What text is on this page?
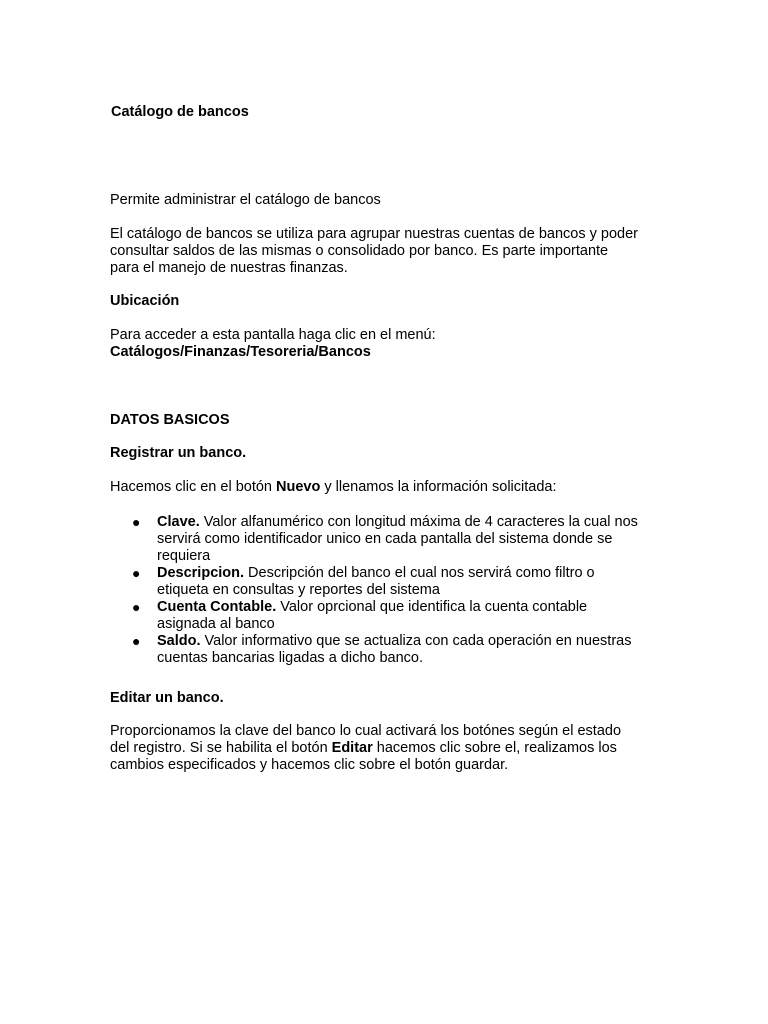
Catálogo de bancos

Permite administrar el catálogo de bancos

El catálogo de bancos se utiliza para agrupar nuestras cuentas de bancos y poder consultar saldos de las mismas o consolidado por banco. Es parte importante para el manejo de nuestras finanzas.

Ubicación

Para acceder a esta pantalla haga clic en el menú:
Catálogos/Finanzas/Tesoreria/Bancos

DATOS BASICOS

Registrar un banco.

Hacemos clic en el botón Nuevo y llenamos la información solicitada:

● Clave. Valor alfanumérico con longitud máxima de 4 caracteres la cual nos servirá como identificador unico en cada pantalla del sistema donde se requiera
● Descripcion. Descripción del banco el cual nos servirá como filtro o etiqueta en consultas y reportes del sistema
● Cuenta Contable. Valor oprcional que identifica la cuenta contable asignada al banco
● Saldo. Valor informativo que se actualiza con cada operación en nuestras cuentas bancarias ligadas a dicho banco.

Editar un banco.

Proporcionamos la clave del banco lo cual activará los botónes según el estado del registro. Si se habilita el botón Editar hacemos clic sobre el, realizamos los cambios especificados y hacemos clic sobre el botón guardar.
